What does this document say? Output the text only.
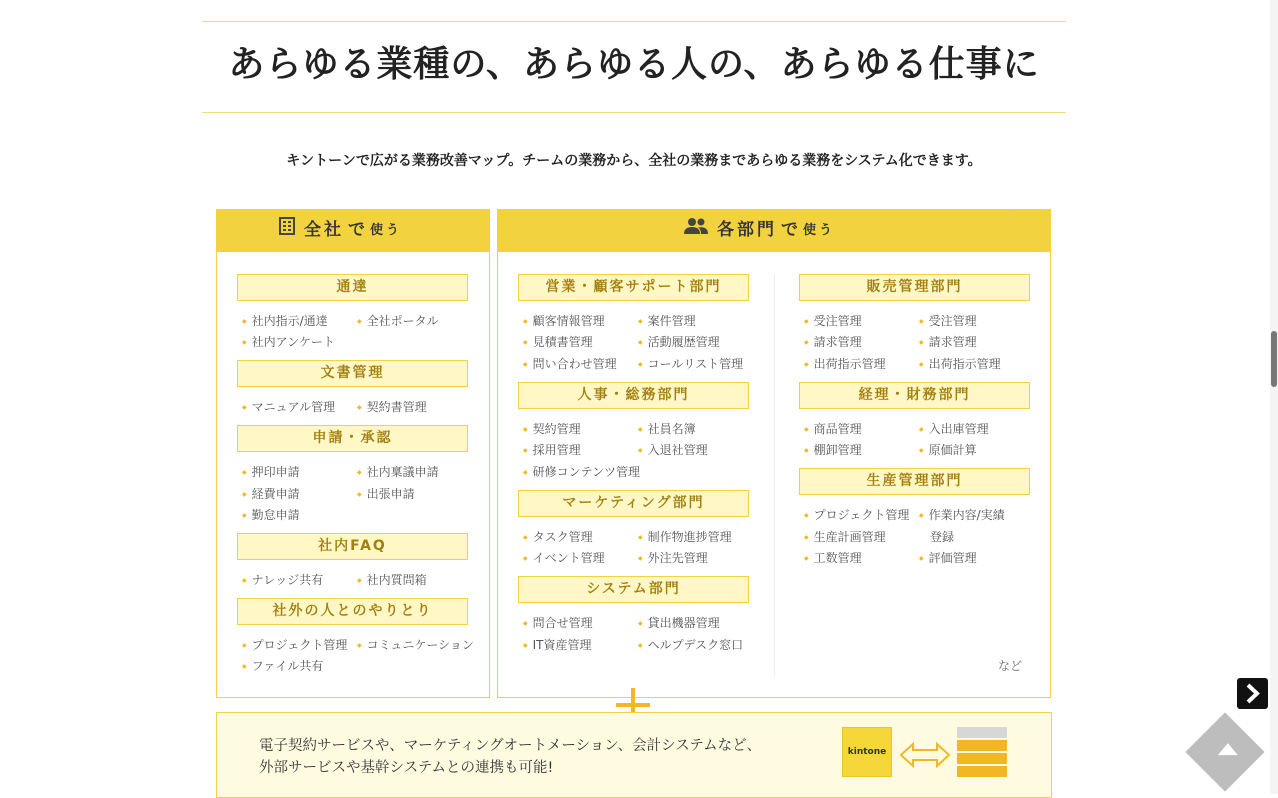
あらゆる業種の、あらゆる人の、あらゆる仕事に
キントーンで広がる業務改善マップ。チームの業務から、全社の業務まであらゆる業務をシステム化できます。
全社 で 使う	各部門 で 使う
通達
◆ 社内指示/通達	◆ 全社ポータル
◆ 社内アンケート
文書管理
◆ マニュアル管理	◆ 契約書管理
申請・承認
◆ 押印申請	◆ 社内稟議申請
◆ 経費申請	◆ 出張申請
◆ 勤怠申請
社内FAQ
◆ ナレッジ共有	◆ 社内質問箱
社外の人とのやりとり
◆ プロジェクト管理	◆ コミュニケーション
◆ ファイル共有
営業・顧客サポート部門
◆ 顧客情報管理	◆ 案件管理
◆ 見積書管理	◆ 活動履歴管理
◆ 問い合わせ管理	◆ コールリスト管理
人事・総務部門
◆ 契約管理	◆ 社員名簿
◆ 採用管理	◆ 入退社管理
◆ 研修コンテンツ管理
マーケティング部門
◆ タスク管理	◆ 制作物進捗管理
◆ イベント管理	◆ 外注先管理
システム部門
◆ 問合せ管理	◆ 貸出機器管理
◆ IT資産管理	◆ ヘルプデスク窓口
販売管理部門
◆ 受注管理	◆ 受注管理
◆ 請求管理	◆ 請求管理
◆ 出荷指示管理	◆ 出荷指示管理
経理・財務部門
◆ 商品管理	◆ 入出庫管理
◆ 棚卸管理	◆ 原価計算
生産管理部門
◆ プロジェクト管理	◆ 作業内容/実績
◆ 生産計画管理	登録
◆ 工数管理	◆ 評価管理
など
電子契約サービスや、マーケティングオートメーション、会計システムなど、
外部サービスや基幹システムとの連携も可能!
kintone
